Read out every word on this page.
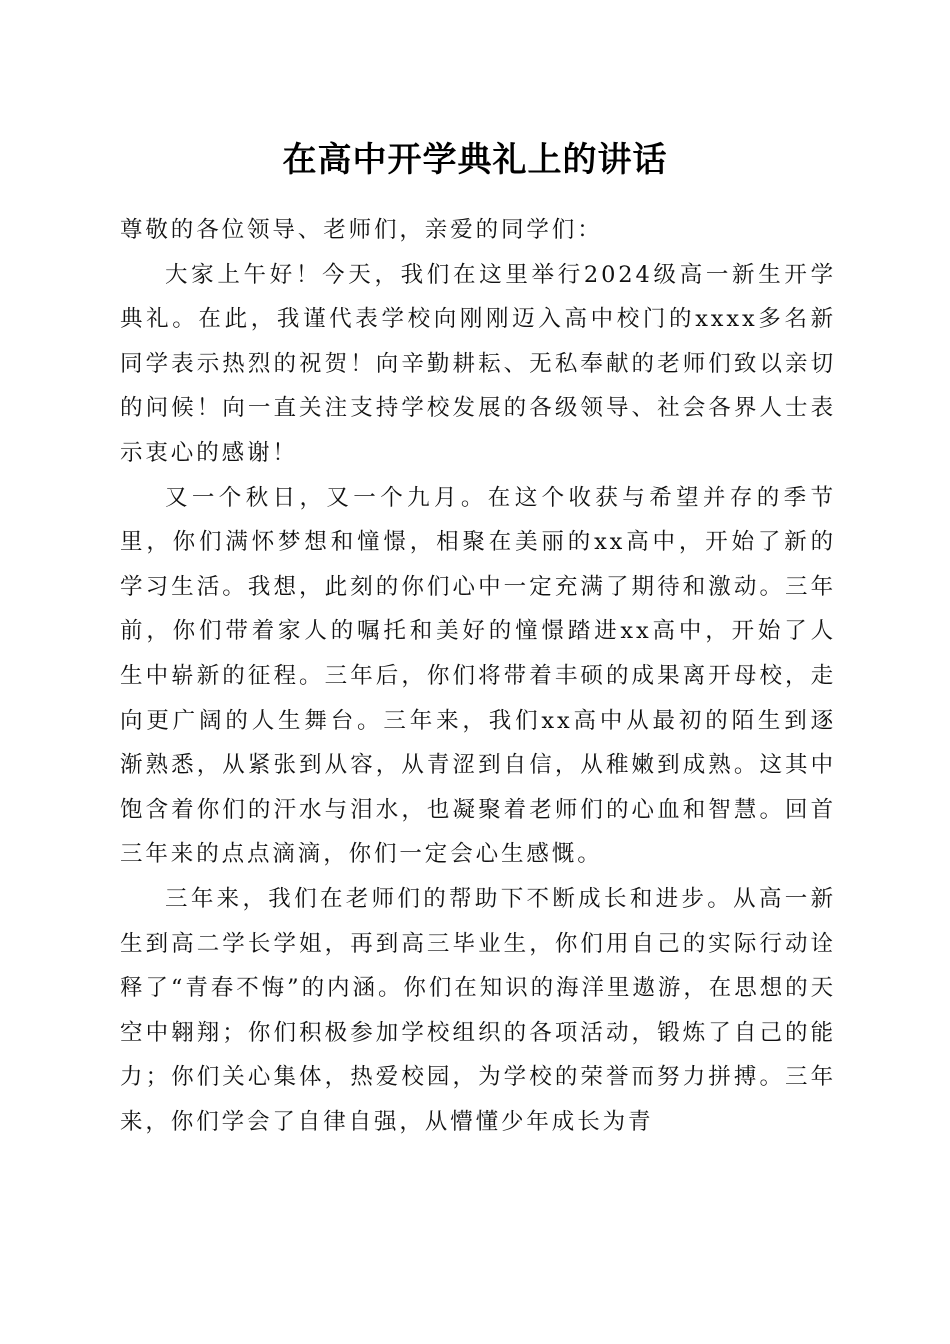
在高中开学典礼上的讲话

尊敬的各位领导、老师们，亲爱的同学们：

大家上午好！今天，我们在这里举行2024级高一新生开学典礼。在此，我谨代表学校向刚刚迈入高中校门的xxxx多名新同学表示热烈的祝贺！向辛勤耕耘、无私奉献的老师们致以亲切的问候！向一直关注支持学校发展的各级领导、社会各界人士表示衷心的感谢！

又一个秋日，又一个九月。在这个收获与希望并存的季节里，你们满怀梦想和憧憬，相聚在美丽的xx高中，开始了新的学习生活。我想，此刻的你们心中一定充满了期待和激动。三年前，你们带着家人的嘱托和美好的憧憬踏进xx高中，开始了人生中崭新的征程。三年后，你们将带着丰硕的成果离开母校，走向更广阔的人生舞台。三年来，我们xx高中从最初的陌生到逐渐熟悉，从紧张到从容，从青涩到自信，从稚嫩到成熟。这其中饱含着你们的汗水与泪水，也凝聚着老师们的心血和智慧。回首三年来的点点滴滴，你们一定会心生感慨。

三年来，我们在老师们的帮助下不断成长和进步。从高一新生到高二学长学姐，再到高三毕业生，你们用自己的实际行动诠释了“青春不悔”的内涵。你们在知识的海洋里遨游，在思想的天空中翱翔；你们积极参加学校组织的各项活动，锻炼了自己的能力；你们关心集体，热爱校园，为学校的荣誉而努力拼搏。三年来，你们学会了自律自强，从懵懂少年成长为青
